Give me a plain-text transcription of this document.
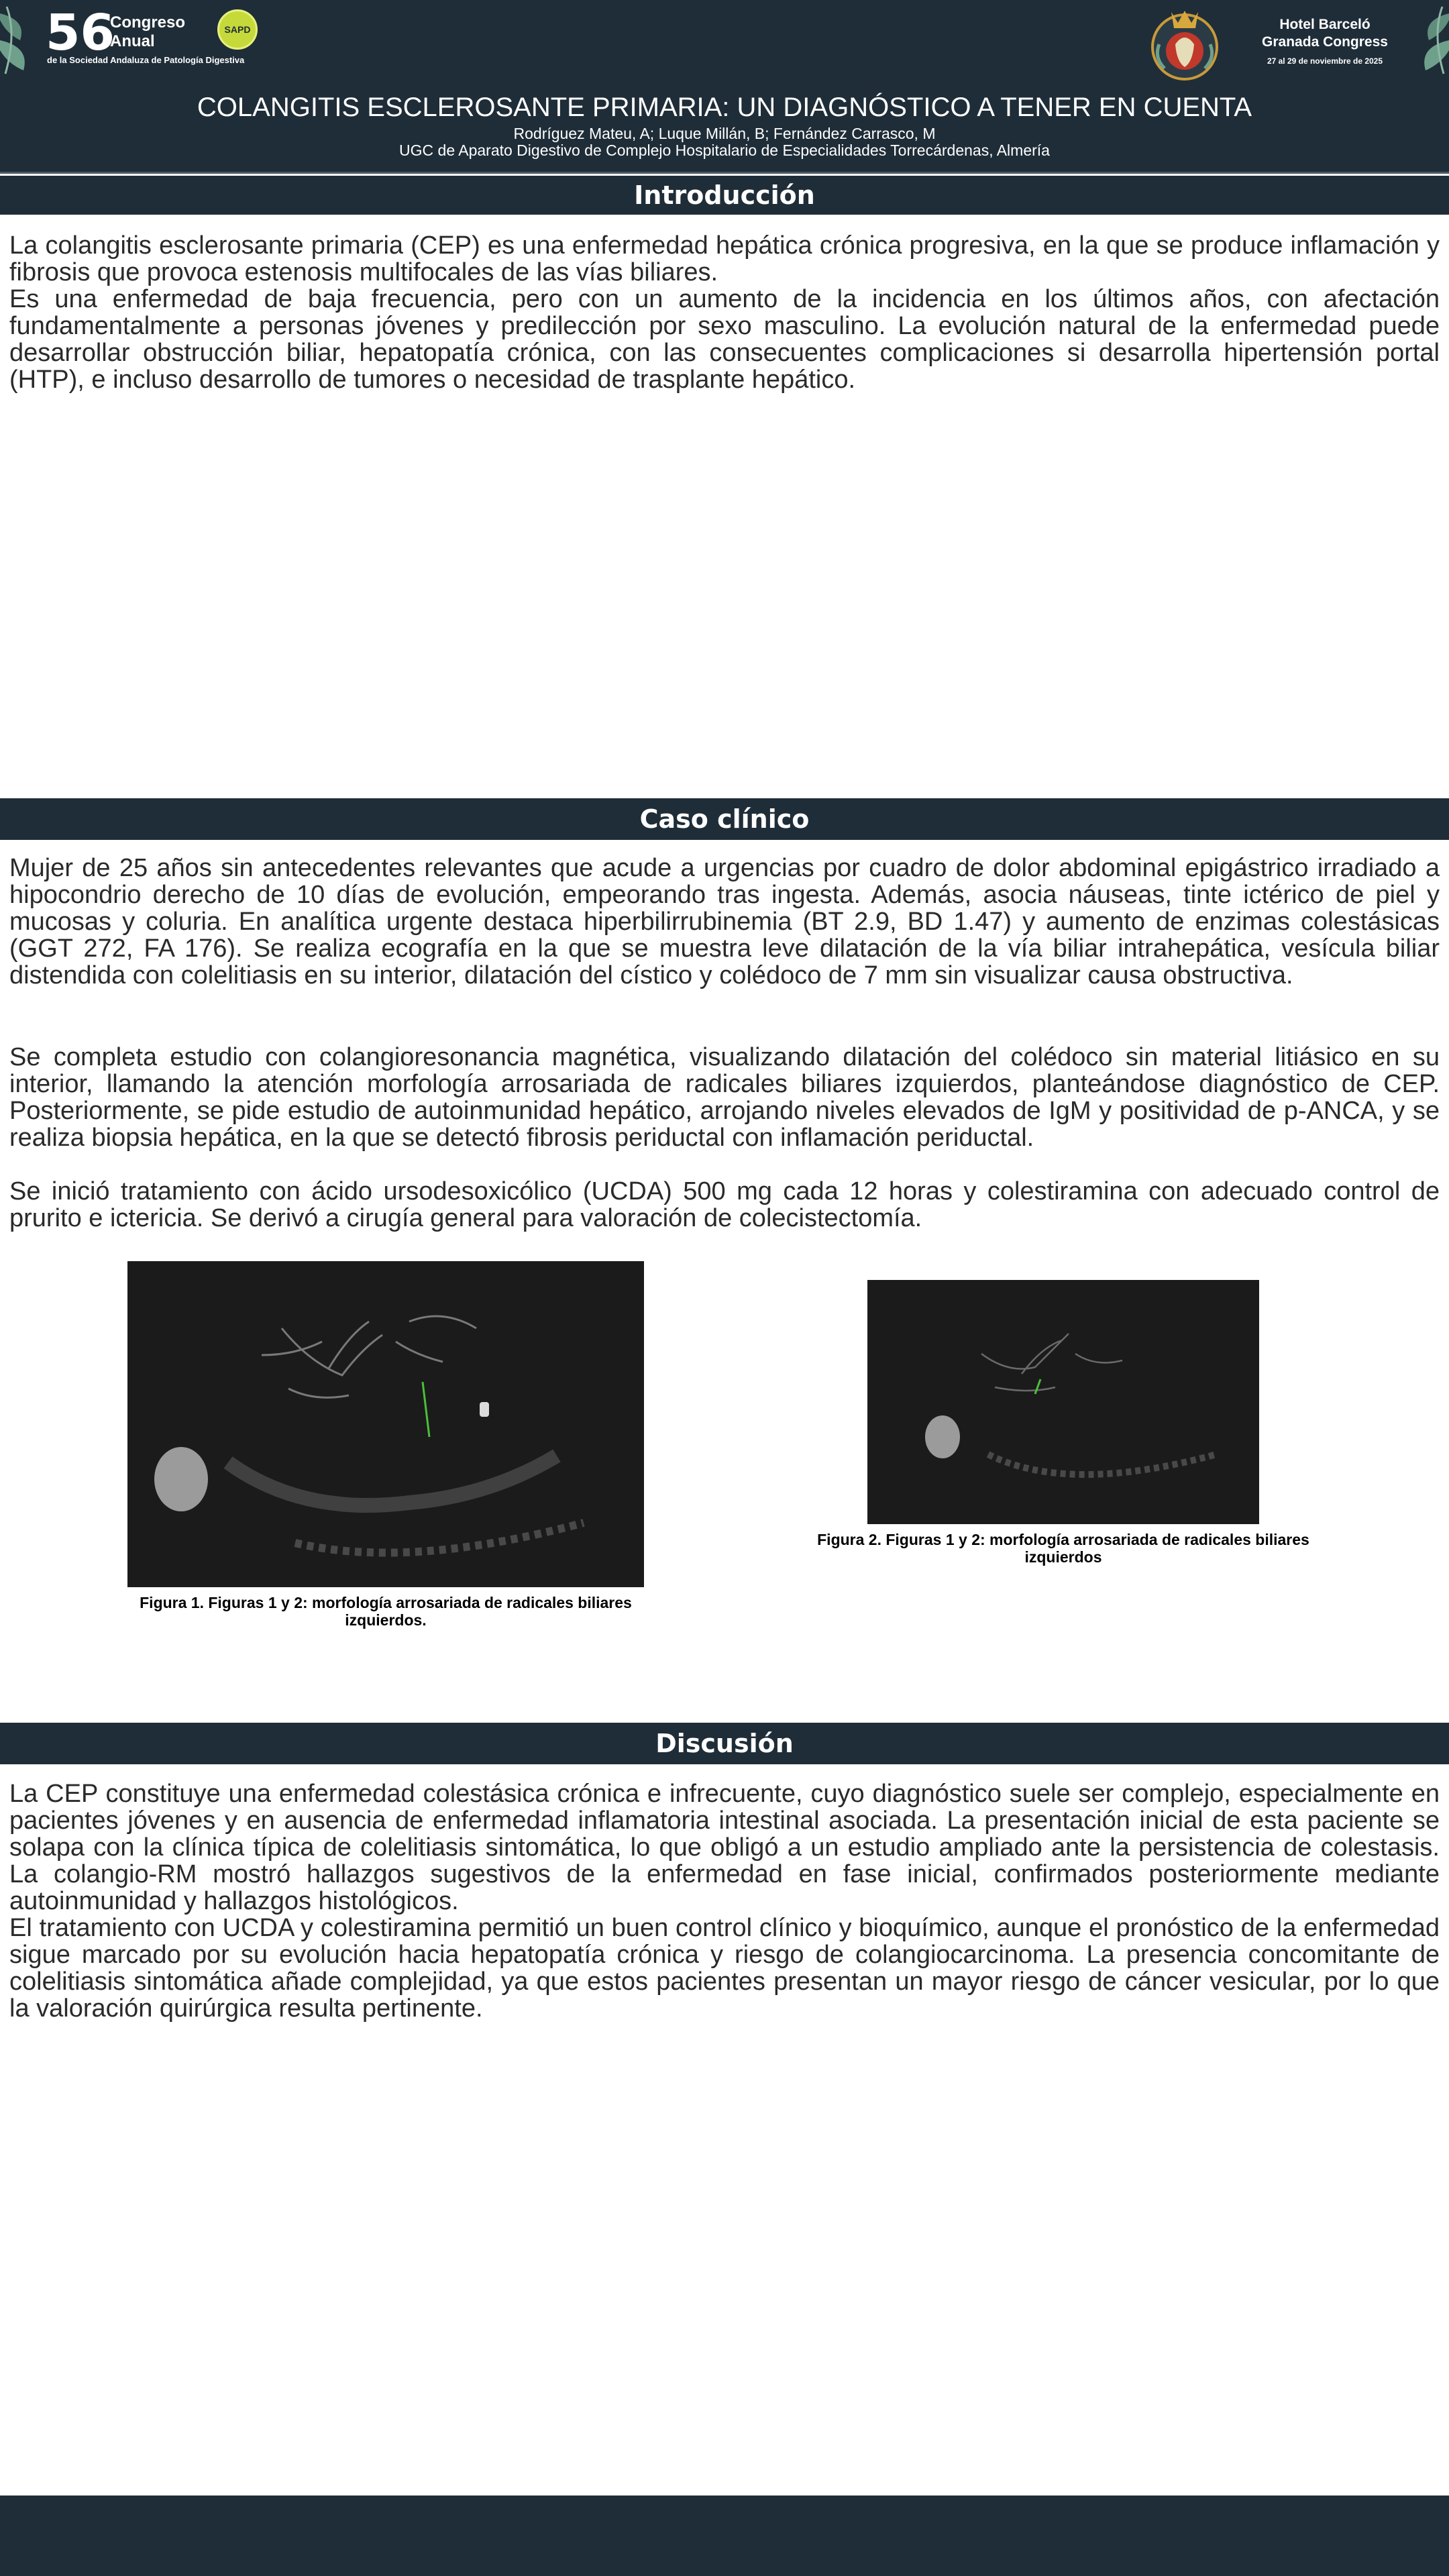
56
Congreso
Anual
de la Sociedad Andaluza de Patología Digestiva
SAPD	Hotel Barceló
Granada Congress
27 al 29 de noviembre de 2025
COLANGITIS ESCLEROSANTE PRIMARIA: UN DIAGNÓSTICO A TENER EN CUENTA
Rodríguez Mateu, A; Luque Millán, B; Fernández Carrasco, M
UGC de Aparato Digestivo de Complejo Hospitalario de Especialidades Torrecárdenas, Almería
Introducción

La colangitis esclerosante primaria (CEP) es una enfermedad hepática crónica progresiva, en la que se produce inflamación y fibrosis que provoca estenosis multifocales de las vías biliares.

Es una enfermedad de baja frecuencia, pero con un aumento de la incidencia en los últimos años, con afectación fundamentalmente a personas jóvenes y predilección por sexo masculino. La evolución natural de la enfermedad puede desarrollar obstrucción biliar, hepatopatía crónica, con las consecuentes complicaciones si desarrolla hipertensión portal (HTP), e incluso desarrollo de tumores o necesidad de trasplante hepático.

Caso clínico

Mujer de 25 años sin antecedentes relevantes que acude a urgencias por cuadro de dolor abdominal epigástrico irradiado a hipocondrio derecho de 10 días de evolución, empeorando tras ingesta. Además, asocia náuseas, tinte ictérico de piel y mucosas y coluria. En analítica urgente destaca hiperbilirrubinemia (BT 2.9, BD 1.47) y aumento de enzimas colestásicas (GGT 272, FA 176). Se realiza ecografía en la que se muestra leve dilatación de la vía biliar intrahepática, vesícula biliar distendida con colelitiasis en su interior, dilatación del cístico y colédoco de 7 mm sin visualizar causa obstructiva.

Se completa estudio con colangioresonancia magnética, visualizando dilatación del colédoco sin material litiásico en su interior, llamando la atención morfología arrosariada de radicales biliares izquierdos, planteándose diagnóstico de CEP. Posteriormente, se pide estudio de autoinmunidad hepático, arrojando niveles elevados de IgM y positividad de p-ANCA, y se realiza biopsia hepática, en la que se detectó fibrosis periductal con inflamación periductal.

Se inició tratamiento con ácido ursodesoxicólico (UCDA) 500 mg cada 12 horas y colestiramina con adecuado control de prurito e ictericia. Se derivó a cirugía general para valoración de colecistectomía.

Figura 1. Figuras 1 y 2: morfología arrosariada de radicales biliares izquierdos.
Figura 2. Figuras 1 y 2: morfología arrosariada de radicales biliares izquierdos
Discusión

La CEP constituye una enfermedad colestásica crónica e infrecuente, cuyo diagnóstico suele ser complejo, especialmente en pacientes jóvenes y en ausencia de enfermedad inflamatoria intestinal asociada. La presentación inicial de esta paciente se solapa con la clínica típica de colelitiasis sintomática, lo que obligó a un estudio ampliado ante la persistencia de colestasis. La colangio-RM mostró hallazgos sugestivos de la enfermedad en fase inicial, confirmados posteriormente mediante autoinmunidad y hallazgos histológicos.

El tratamiento con UCDA y colestiramina permitió un buen control clínico y bioquímico, aunque el pronóstico de la enfermedad sigue marcado por su evolución hacia hepatopatía crónica y riesgo de colangiocarcinoma. La presencia concomitante de colelitiasis sintomática añade complejidad, ya que estos pacientes presentan un mayor riesgo de cáncer vesicular, por lo que la valoración quirúrgica resulta pertinente.
